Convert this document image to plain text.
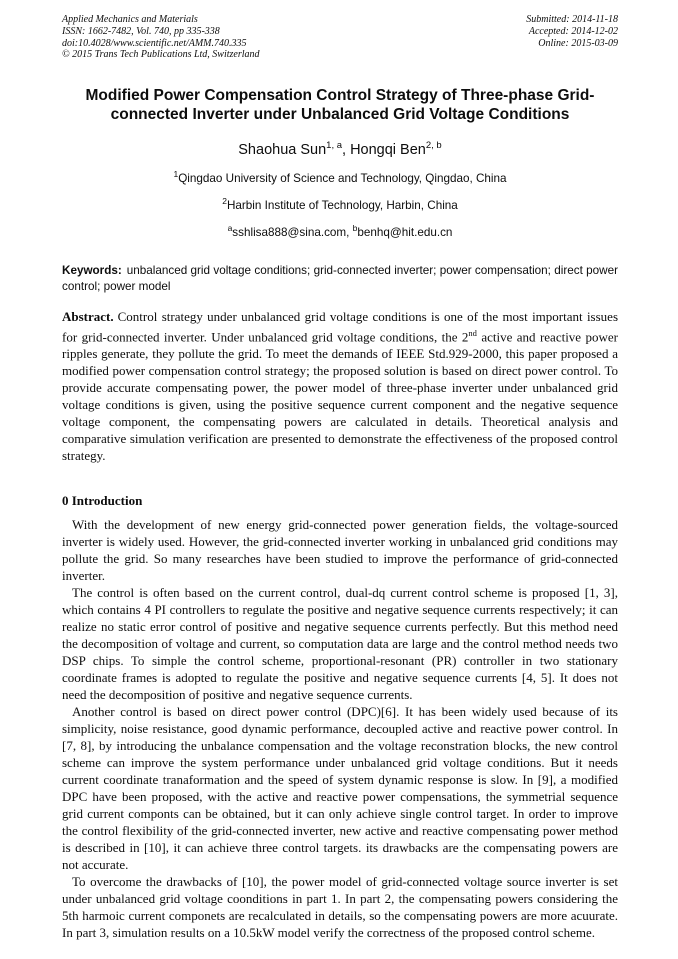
Applied Mechanics and Materials
ISSN: 1662-7482, Vol. 740, pp 335-338
doi:10.4028/www.scientific.net/AMM.740.335
© 2015 Trans Tech Publications Ltd, Switzerland
Submitted: 2014-11-18
Accepted: 2014-12-02
Online: 2015-03-09
Modified Power Compensation Control Strategy of Three-phase Grid-connected Inverter under Unbalanced Grid Voltage Conditions
Shaohua Sun$^{1, a}$, Hongqi Ben$^{2, b}$
$^1$Qingdao University of Science and Technology, Qingdao, China
$^2$Harbin Institute of Technology, Harbin, China
$^a$sshlisa888@sina.com, $^b$benhq@hit.edu.cn

Keywords: unbalanced grid voltage conditions; grid-connected inverter; power compensation; direct power control; power model

Abstract. Control strategy under unbalanced grid voltage conditions is one of the most important issues for grid-connected inverter. Under unbalanced grid voltage conditions, the 2nd active and reactive power ripples generate, they pollute the grid. To meet the demands of IEEE Std.929-2000, this paper proposed a modified power compensation control strategy; the proposed solution is based on direct power control. To provide accurate compensating power, the power model of three-phase inverter under unbalanced grid voltage conditions is given, using the positive sequence current component and the negative sequence voltage component, the compensating powers are calculated in details. Theoretical analysis and comparative simulation verification are presented to demonstrate the effectiveness of the proposed control strategy.

0 Introduction

With the development of new energy grid-connected power generation fields, the voltage-sourced inverter is widely used. However, the grid-connected inverter working in unbalanced grid conditions may pollute the grid. So many researches have been studied to improve the performance of grid-connected inverter.

The control is often based on the current control, dual-dq current control scheme is proposed [1, 3], which contains 4 PI controllers to regulate the positive and negative sequence currents respectively; it can realize no static error control of positive and negative sequence currents perfectly. But this method need the decomposition of voltage and current, so computation data are large and the control method needs two DSP chips. To simple the control scheme, proportional-resonant (PR) controller in two stationary coordinate frames is adopted to regulate the positive and negative sequence currents [4, 5]. It does not need the decomposition of positive and negative sequence currents.

Another control is based on direct power control (DPC)[6]. It has been widely used because of its simplicity, noise resistance, good dynamic performance, decoupled active and reactive power control. In [7, 8], by introducing the unbalance compensation and the voltage reconstration blocks, the new control scheme can improve the system performance under unbalanced grid voltage conditions. But it needs current coordinate tranaformation and the speed of system dynamic response is slow. In [9], a modified DPC have been proposed, with the active and reactive power compensations, the symmetrial sequence grid current componts can be obtained, but it can only achieve single control target. In order to improve the control flexibility of the grid-connected inverter, new active and reactive compensating power method is described in [10], it can achieve three control targets. its drawbacks are the compensating powers are not accurate.

To overcome the drawbacks of [10], the power model of grid-connected voltage source inverter is set under unbalanced grid voltage coonditions in part 1. In part 2, the compensating powers considering the 5th harmoic current componets are recalculated in details, so the compensating powers are more acuurate. In part 3, simulation results on a 10.5kW model verify the correctness of the proposed control scheme.
